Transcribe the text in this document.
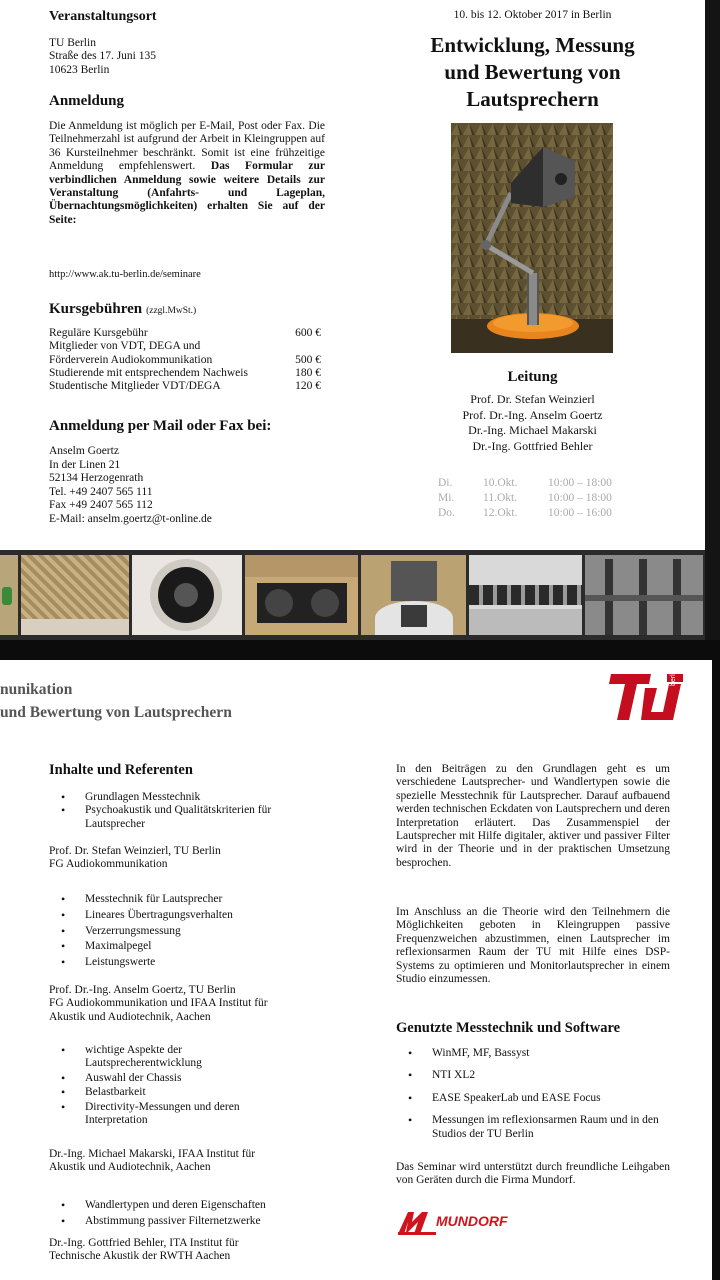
Veranstaltungsort
TU Berlin
Straße des 17. Juni 135
10623 Berlin
Anmeldung
Die Anmeldung ist möglich per E-Mail, Post oder Fax. Die Teilnehmerzahl ist aufgrund der Arbeit in Kleingruppen auf 36 Kursteilnehmer beschränkt. Somit ist eine frühzeitige Anmeldung empfehlenswert. Das Formular zur verbindlichen Anmeldung sowie weitere Details zur Veranstaltung (Anfahrts- und Lageplan, Übernachtungsmöglichkeiten) erhalten Sie auf der Seite:
http://www.ak.tu-berlin.de/seminare
Kursgebühren (zzgl.MwSt.)
Reguläre Kursgebühr	600 €
Mitglieder von VDT, DEGA und
Förderverein Audiokommunikation	500 €
Studierende mit entsprechendem Nachweis	180 €
Studentische Mitglieder VDT/DEGA	120 €
Anmeldung per Mail oder Fax bei:
Anselm Goertz
In der Linen 21
52134 Herzogenrath
Tel. +49 2407 565 111
Fax +49 2407 565 112
E-Mail: anselm.goertz@t-online.de
10. bis 12. Oktober 2017 in Berlin
Entwicklung, Messung
und Bewertung von
Lautsprechern
Leitung
Prof. Dr. Stefan Weinzierl
Prof. Dr.-Ing. Anselm Goertz
Dr.-Ing. Michael Makarski
Dr.-Ing. Gottfried Behler
Di.	10.Okt.	10:00 – 18:00
Mi.	11.Okt.	10:00 – 18:00
Do.	12.Okt.	10:00 – 16:00
nunikation
und Bewertung von Lautsprechern
berlin
Inhalte und Referenten
• Grundlagen Messtechnik
• Psychoakustik und Qualitätskriterien für Lautsprecher
Prof. Dr. Stefan Weinzierl, TU Berlin
FG Audiokommunikation
• Messtechnik für Lautsprecher
• Lineares Übertragungsverhalten
• Verzerrungsmessung
• Maximalpegel
• Leistungswerte
Prof. Dr.-Ing. Anselm Goertz, TU Berlin
FG Audiokommunikation und IFAA Institut für
Akustik und Audiotechnik, Aachen
• wichtige Aspekte der Lautsprecherentwicklung
• Auswahl der Chassis
• Belastbarkeit
• Directivity-Messungen und deren Interpretation
Dr.-Ing. Michael Makarski, IFAA Institut für
Akustik und Audiotechnik, Aachen
• Wandlertypen und deren Eigenschaften
• Abstimmung passiver Filternetzwerke
Dr.-Ing. Gottfried Behler, ITA Institut für
Technische Akustik der RWTH Aachen
In den Beiträgen zu den Grundlagen geht es um verschiedene Lautsprecher- und Wandlertypen sowie die spezielle Messtechnik für Lautsprecher. Darauf aufbauend werden technischen Eckdaten von Lautsprechern und deren Interpretation erläutert. Das Zusammenspiel der Lautsprecher mit Hilfe digitaler, aktiver und passiver Filter wird in der Theorie und in der praktischen Umsetzung besprochen.
Im Anschluss an die Theorie wird den Teilnehmern die Möglichkeiten geboten in Kleingruppen passive Frequenzweichen abzustimmen, einen Lautsprecher im reflexionsarmen Raum der TU mit Hilfe eines DSP-Systems zu optimieren und Monitorlautsprecher in einem Studio einzumessen.
Genutzte Messtechnik und Software
• WinMF, MF, Bassyst
• NTI XL2
• EASE SpeakerLab und EASE Focus
• Messungen im reflexionsarmen Raum und in den Studios der TU Berlin
Das Seminar wird unterstützt durch freundliche Leihgaben von Geräten durch die Firma Mundorf.
MUNDORF
